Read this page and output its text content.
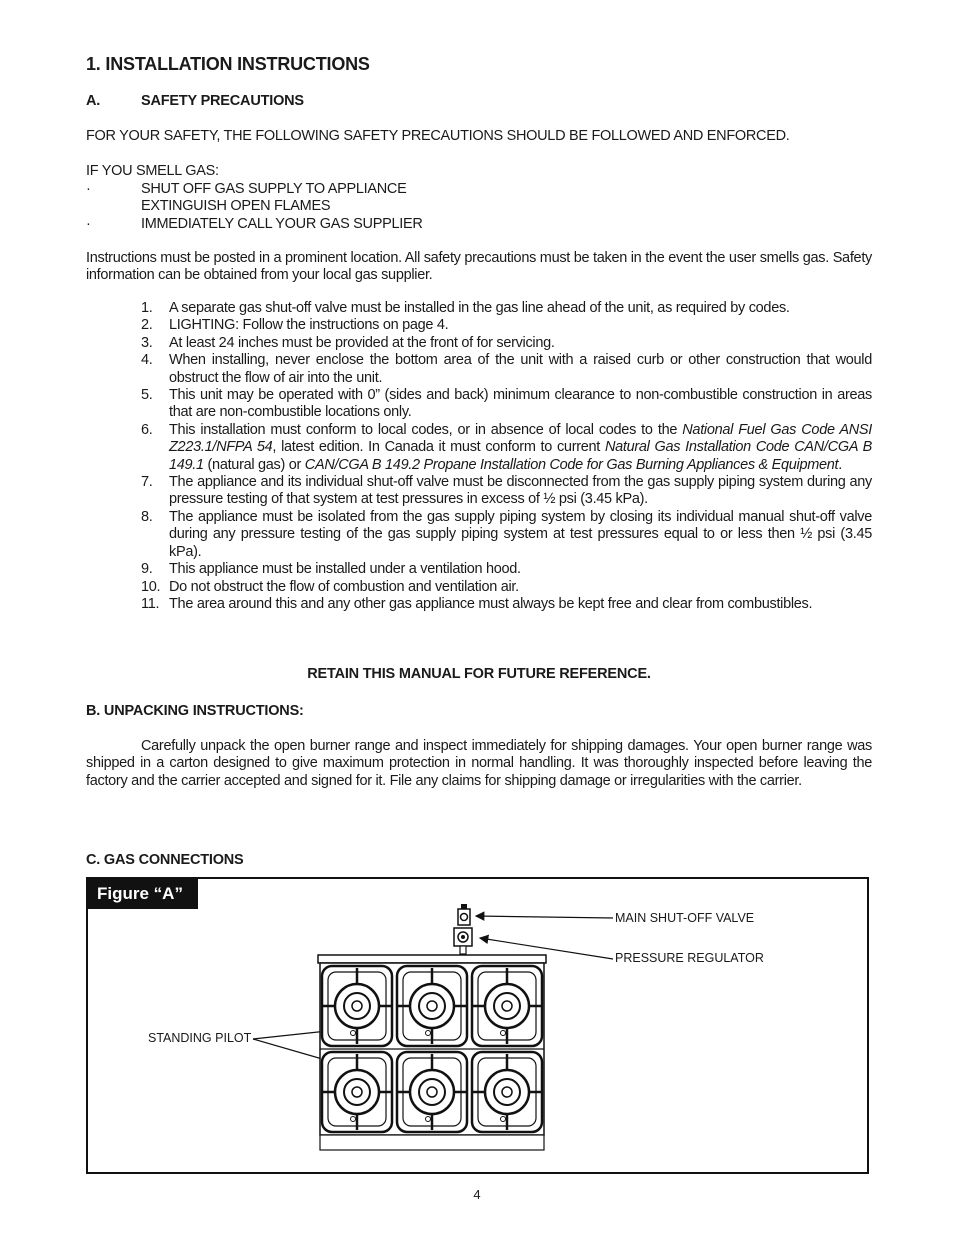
1. INSTALLATION INSTRUCTIONS
A.	SAFETY PRECAUTIONS
FOR YOUR SAFETY, THE FOLLOWING SAFETY PRECAUTIONS SHOULD BE FOLLOWED AND ENFORCED.
IF YOU SMELL GAS:
·	SHUT OFF GAS SUPPLY TO APPLIANCE
EXTINGUISH OPEN FLAMES
·	IMMEDIATELY CALL YOUR GAS SUPPLIER
Instructions must be posted in a prominent location. All safety precautions must be taken in the event the user smells gas. Safety information can be obtained from your local gas supplier.
1. A separate gas shut-off valve must be installed in the gas line ahead of the unit, as required by codes.
2. LIGHTING: Follow the instructions on page 4.
3. At least 24 inches must be provided at the front of for servicing.
4. When installing, never enclose the bottom area of the unit with a raised curb or other construction that would obstruct the flow of air into the unit.
5. This unit may be operated with 0” (sides and back) minimum clearance to non-combustible construction in areas that are non-combustible locations only.
6. This installation must conform to local codes, or in absence of local codes to the National Fuel Gas Code ANSI Z223.1/NFPA 54, latest edition. In Canada it must conform to current Natural Gas Installation Code CAN/CGA B 149.1 (natural gas) or CAN/CGA B 149.2 Propane Installation Code for Gas Burning Appliances & Equipment.
7. The appliance and its individual shut-off valve must be disconnected from the gas supply piping system during any pressure testing of that system at test pressures in excess of ½ psi (3.45 kPa).
8. The appliance must be isolated from the gas supply piping system by closing its individual manual shut-off valve during any pressure testing of the gas supply piping system at test pressures equal to or less then ½ psi (3.45 kPa).
9. This appliance must be installed under a ventilation hood.
10. Do not obstruct the flow of combustion and ventilation air.
11. The area around this and any other gas appliance must always be kept free and clear from combustibles.
RETAIN THIS MANUAL FOR FUTURE REFERENCE.
B. UNPACKING INSTRUCTIONS:
Carefully unpack the open burner range and inspect immediately for shipping damages. Your open burner range was shipped in a carton designed to give maximum protection in normal handling. It was thoroughly inspected before leaving the factory and the carrier accepted and signed for it. File any claims for shipping damage or irregularities with the carrier.
C. GAS CONNECTIONS
Figure “A”
MAIN SHUT-OFF VALVE
PRESSURE REGULATOR
STANDING PILOT
4
